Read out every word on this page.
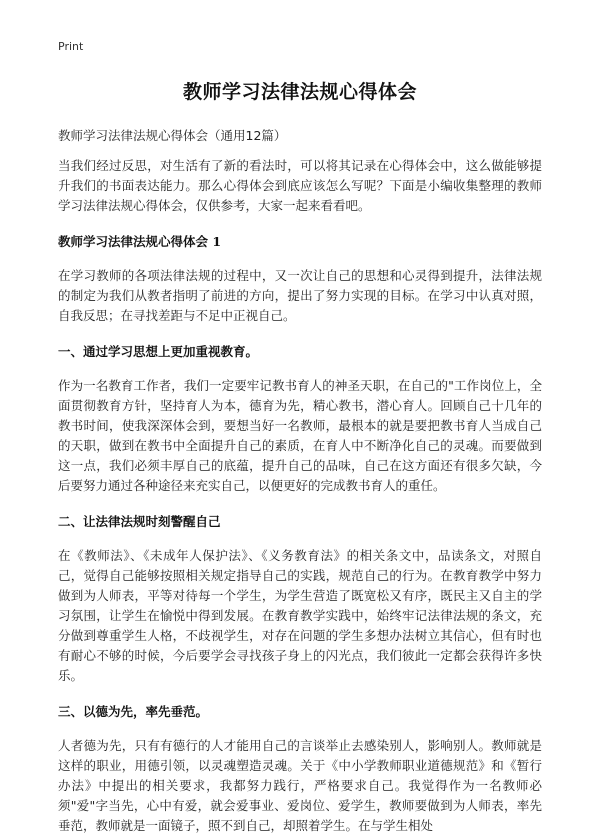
Print
教师学习法律法规心得体会
教师学习法律法规心得体会（通用12篇）
当我们经过反思，对生活有了新的看法时，可以将其记录在心得体会中，这么做能够提升我们的书面表达能力。那么心得体会到底应该怎么写呢？下面是小编收集整理的教师学习法律法规心得体会，仅供参考，大家一起来看看吧。
教师学习法律法规心得体会 1
在学习教师的各项法律法规的过程中，又一次让自己的思想和心灵得到提升，法律法规的制定为我们从教者指明了前进的方向，提出了努力实现的目标。在学习中认真对照，自我反思；在寻找差距与不足中正视自己。
一、通过学习思想上更加重视教育。
作为一名教育工作者，我们一定要牢记教书育人的神圣天职，在自己的"工作岗位上，全面贯彻教育方针，坚持育人为本，德育为先，精心教书，潜心育人。回顾自己十几年的教书时间，使我深深体会到，要想当好一名教师，最根本的就是要把教书育人当成自己的天职，做到在教书中全面提升自己的素质，在育人中不断净化自己的灵魂。而要做到这一点，我们必须丰厚自己的底蕴，提升自己的品味，自己在这方面还有很多欠缺，今后要努力通过各种途径来充实自己，以便更好的完成教书育人的重任。
二、让法律法规时刻警醒自己
在《教师法》、《未成年人保护法》、《义务教育法》的相关条文中，品读条文，对照自己，觉得自己能够按照相关规定指导自己的实践，规范自己的行为。在教育教学中努力做到为人师表，平等对待每一个学生，为学生营造了既宽松又有序，既民主又自主的学习氛围，让学生在愉悦中得到发展。在教育教学实践中，始终牢记法律法规的条文，充分做到尊重学生人格，不歧视学生，对存在问题的学生多想办法树立其信心，但有时也有耐心不够的时候，今后要学会寻找孩子身上的闪光点，我们彼此一定都会获得许多快乐。
三、以德为先，率先垂范。
人者德为先，只有有德行的人才能用自己的言谈举止去感染别人，影响别人。教师就是这样的职业，用德引领，以灵魂塑造灵魂。关于《中小学教师职业道德规范》和《暂行办法》中提出的相关要求，我都努力践行，严格要求自己。我觉得作为一名教师必须"爱"字当先，心中有爱，就会爱事业、爱岗位、爱学生，教师要做到为人师表，率先垂范，教师就是一面镜子，照不到自己，却照着学生。在与学生相处
